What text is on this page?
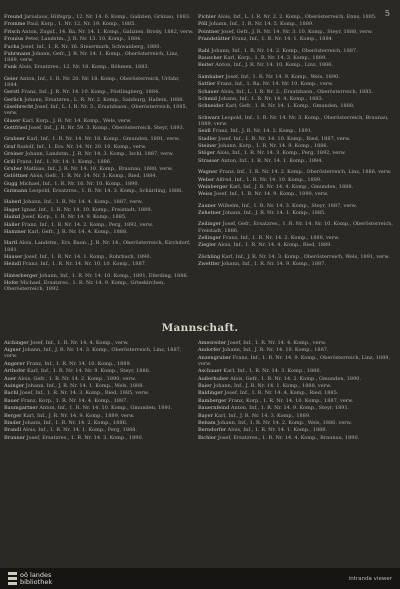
5
Freund Jaroslaus, Hilfsgrp., 12. Nr. 14. 6. Komp., Galizien, Grünau, 1883.
Fromme Paul, Korp., 1. Nr. 12. Nr. 19. Komp., 1885.
Frisch Anton, Zugsf., 14. Ba. Nr. 14. 1. Komp., Galizien, Brody, 1882, verw.
Fronius Peter, Landstm., J. R. Nr. 13. 10. Komp., 1884.
Fuchs Josef, Inf., 1. R. Nr. 16. Steiermark, Schwanberg, 1880.
Fuhrmann Johann, Gefr., J. R. Nr. 14. 1. Komp., Oberösterreich, Linz, 1889, verw.
Funk Alois, Ersatzres., 12. Nr. 18. Komp., Böhmen, 1883.
Geier Anton, Inf., 1. R. Nr. 20. Nr. 18. Komp., Oberösterreich, Urfahr, 1884.
Gerstl Franz, Inf., J. R. Nr. 14. 10. Komp., Pöstlingberg, 1884.
Gerlich Johann, Ersatzres., L. R. Nr. 2. Komp., Salzburg, Hallein, 1888.
Giselbrecht Josef, Inf., L. I. R. Nr. 3., Ersatzbaon., Oberösterreich, 1885, verw.
Glaser Karl, Korp., J. R. Nr. 14. Komp., Wels, verw.
Gottfried Josef, Inf., J. R. Nr. 59. 3. Komp., Oberösterreich, Steyr, 1893.
Grabner Karl, Inf., 1. R. Nr. 14. Nr. 18. Komp., Gmunden, 1891, verw.
Graf Rudolf, Inf., 1. Ers. Nr. 14. Nr. 20. 10. Komp., verw.
Greiner Johann, Landstm., J. R. Nr. 14. 3. Komp., Ischl, 1887, verw.
Grill Franz, Inf., 1. Nr. 14. 1. Komp., 1886.
Gruber Mathias, Inf., J. R. Nr. 14. 10. Komp., Braunau, 1888, verw.
Gstöttner Alois, Gefr., 1. R. Nr. 14. Nr. 3. Komp., Ried, 1884.
Gugg Michael, Inf., 1. R. Nr. 16. Nr. 10. Komp., 1890.
Gutmann Leopold, Ersatzres., 1. R. Nr. 14. 3. Komp., Schärding, 1888.
Haberl Johann, Inf., 1. R. Nr. 14. 4. Komp., 1887, verw.
Hager Ignaz, Inf., 1. R. Nr. 14. 10. Komp., Freistadt, 1889.
Hainzl Josef, Korp., 1. R. Nr. 14. 9. Komp., 1885.
Haller Franz, Inf., 1. R. Nr. 14. 2. Komp., Perg, 1892, verw.
Hammer Karl, Gefr., J. R. Nr. 14. 4. Komp., 1888.
Hartl Alois, Landstm., Ers. Baon., J. R. Nr. 14., Oberösterreich, Kirchdorf, 1881.
Hauser Josef, Inf., 1. R. Nr. 14. 1. Komp., Rohrbach, 1890.
Heindl Franz, Inf., 1. R. Nr. 14. Nr. 10. 10. Komp., 1887.
Hinterberger Johann, Inf., 1. R. Nr. 14. 10. Komp., 1891, Eferding, 1886.
Hofer Michael, Ersatzres., 1. R. Nr. 14. 9. Komp., Grieskirchen, Oberösterreich, 1892.
Pichler Alois, Inf., L. I. R. Nr. 2. 2. Komp., Oberösterreich, Enns, 1885.
Pöll Johann, Inf., 1. R. Nr. 14. 5. Komp., 1889.
Pointner Josef, Gefr., J. R. Nr. 14. Nr. 3. 10. Komp., Steyr, 1888, verw.
Prandstätter Franz, Inf., 1. R. Nr. 14. 1. Komp., 1884.
Rabl Johann, Inf., 1. R. Nr. 14. 2. Komp., Oberösterreich, 1887.
Rauscher Karl, Korp., 1. R. Nr. 14. 3. Komp., 1889.
Reiter Anton, Inf., J. R. Nr. 14. 10. Komp., Linz, 1886.
Samhaber Josef, Inf., 1. R. Nr. 14. 9. Komp., Wels, 1890.
Sattler Franz, Inf., 1. Ba. Nr. 14. Nr. 10. Komp., verw.
Schauer Alois, Inf., L. I. R. Nr. 2., Ersatzbaon., Oberösterreich, 1885.
Schmid Johann, Inf., 1. R. Nr. 14. 4. Komp., 1883.
Schneider Karl, Gefr., 1. R. Nr. 14. 1. Komp., Gmunden, 1888.
Schwarz Leopold, Inf., 1. R. Nr. 14. Nr. 3. Komp., Oberösterreich, Braunau, 1889, verw.
Seidl Franz, Inf., J. R. Nr. 14. 2. Komp., 1891.
Stadler Josef, Inf., 1. R. Nr. 14. 10. Komp., Ried, 1887, verw.
Steiner Johann, Korp., 1. R. Nr. 14. 9. Komp., 1886.
Stöger Alois, Inf., 1. R. Nr. 14. 3. Komp., Perg, 1892, verw.
Strasser Anton, Inf., 1. R. Nr. 14. 1. Komp., 1884.
Wagner Franz, Inf., 1. R. Nr. 14. 2. Komp., Oberösterreich, Linz, 1886, verw.
Weber Alfred, Inf., 1. R. Nr. 14. 10. Komp., 1889.
Weinberger Karl, Inf., J. R. Nr. 14. 4. Komp., Gmunden, 1888.
Weiss Josef, Inf., 1. R. Nr. 14. 9. Komp., 1890, verw.
Zauner Wilhelm, Inf., 1. R. Nr. 14. 3. Komp., Steyr, 1887, verw.
Zehetner Johann, Inf., J. R. Nr. 14. 1. Komp., 1885.
Zeilinger Josef, Gefr., Ersatzres., 1. R. Nr. 14. Nr. 10. Komp., Oberösterreich, Freistadt, 1886.
Zellinger Franz, Inf., 1. R. Nr. 14. 2. Komp., 1888, verw.
Ziegler Alois, Inf., 1. R. Nr. 14. 4. Komp., Ried, 1889.
Zöchling Karl, Inf., J. R. Nr. 14. 3. Komp., Oberösterreich, Wels, 1891, verw.
Zwettler Johann, Inf., 1. R. Nr. 14. 9. Komp., 1887.
Mannschaft.
Aichinger Josef, Inf., 1. R. Nr. 14. 4. Komp., verw.
Aigner Johann, Inf., J. R. Nr. 14. 3. Komp., Oberösterreich, Linz, 1887, verw.
Angerer Franz, Inf., 1. R. Nr. 14. 10. Komp., 1889.
Arthofer Karl, Inf., 1. R. Nr. 14. Nr. 9. Komp., Steyr, 1886.
Auer Alois, Gefr., 1. R. Nr. 14. 2. Komp., 1890, verw.
Auinger Johann, Inf., J. R. Nr. 14. 1. Komp., Wels, 1888.
Bachl Josef, Inf., 1. R. Nr. 14. 3. Komp., Ried, 1885, verw.
Bauer Franz, Korp., 1. R. Nr. 14. 4. Komp., 1887.
Baumgartner Anton, Inf., 1. R. Nr. 14. 10. Komp., Gmunden, 1891.
Berger Karl, Inf., J. R. Nr. 14. 9. Komp., 1889, verw.
Binder Johann, Inf., 1. R. Nr. 14. 2. Komp., 1886.
Brandl Alois, Inf., 1. R. Nr. 14. 1. Komp., Perg, 1888.
Brunner Josef, Ersatzres., 1. R. Nr. 14. 3. Komp., 1890.
Amesreiter Josef, Inf., 1. R. Nr. 14. 4. Komp., verw.
Andorfer Johann, Inf., J. R. Nr. 14. 10. Komp., 1887.
Anzengruber Franz, Inf., 1. R. Nr. 14. 9. Komp., Oberösterreich, Linz, 1889, verw.
Aschauer Karl, Inf., 1. R. Nr. 14. 3. Komp., 1886.
Außerhuber Alois, Gefr., 1. R. Nr. 14. 2. Komp., Gmunden, 1890.
Baier Johann, Inf., J. R. Nr. 14. 1. Komp., 1888, verw.
Baldinger Josef, Inf., 1. R. Nr. 14. 4. Komp., Ried, 1885.
Bamberger Franz, Korp., 1. R. Nr. 14. 10. Komp., 1887, verw.
Bauernfeind Anton, Inf., 1. R. Nr. 14. 9. Komp., Steyr, 1891.
Bayer Karl, Inf., J. R. Nr. 14. 3. Komp., 1889.
Beham Johann, Inf., 1. R. Nr. 14. 2. Komp., Wels, 1886, verw.
Berndorfer Alois, Inf., 1. R. Nr. 14. 1. Komp., 1888.
Bichler Josef, Ersatzres., 1. R. Nr. 14. 4. Komp., Braunau, 1890.
oö landes
bibliothek	intranda viewer
